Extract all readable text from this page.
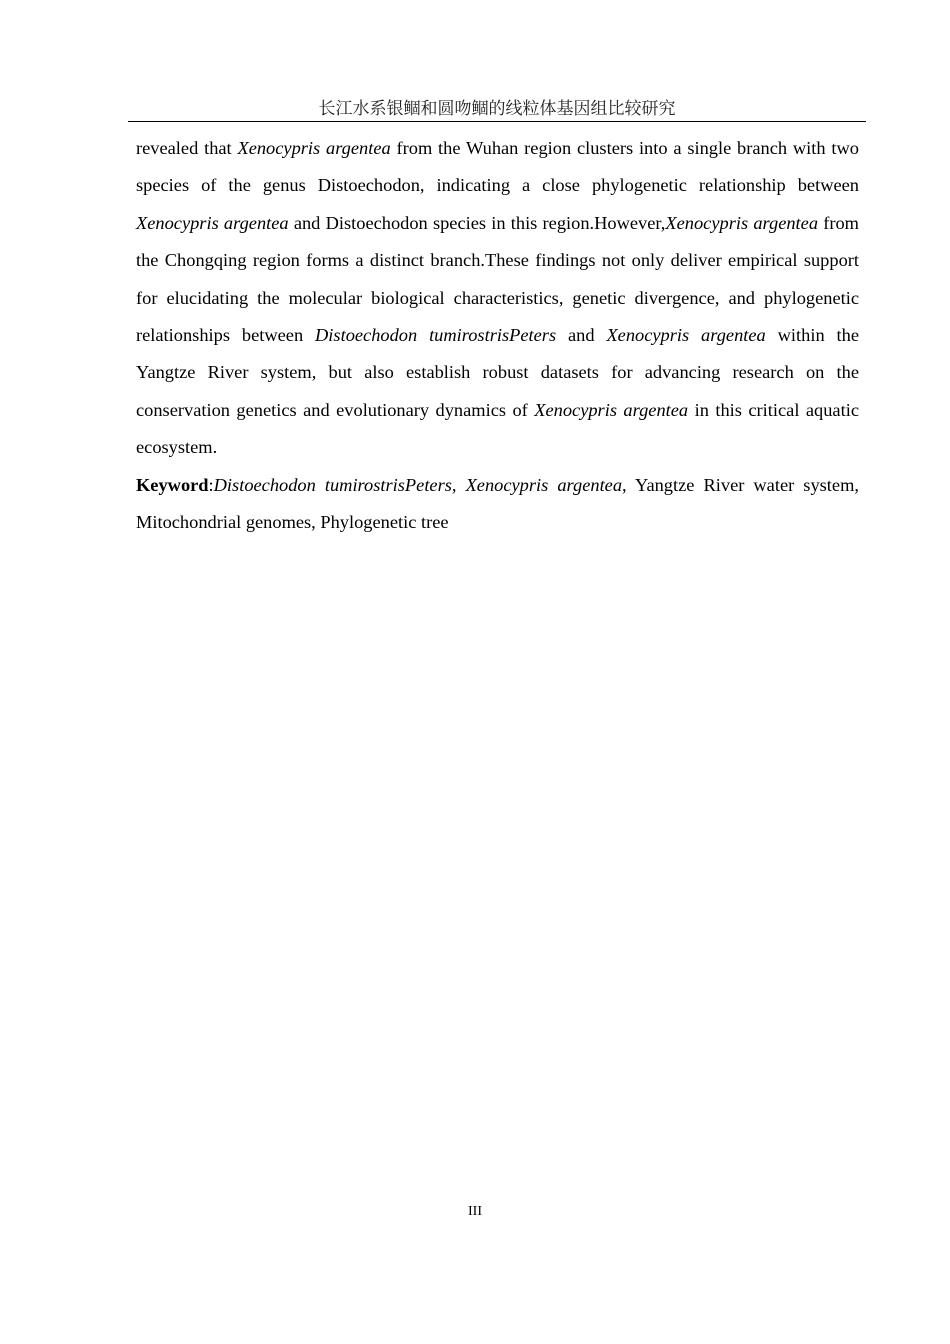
长江水系银鲴和圆吻鲴的线粒体基因组比较研究

revealed that Xenocypris argentea from the Wuhan region clusters into a single branch with two species of the genus Distoechodon, indicating a close phylogenetic relationship between Xenocypris argentea and Distoechodon species in this region.However,Xenocypris argentea from the Chongqing region forms a distinct branch.These findings not only deliver empirical support for elucidating the molecular biological characteristics, genetic divergence, and phylogenetic relationships between Distoechodon tumirostrisPeters and Xenocypris argentea within the Yangtze River system, but also establish robust datasets for advancing research on the conservation genetics and evolutionary dynamics of Xenocypris argentea in this critical aquatic ecosystem.

Keyword:Distoechodon tumirostrisPeters, Xenocypris argentea, Yangtze River water system, Mitochondrial genomes, Phylogenetic tree

III
